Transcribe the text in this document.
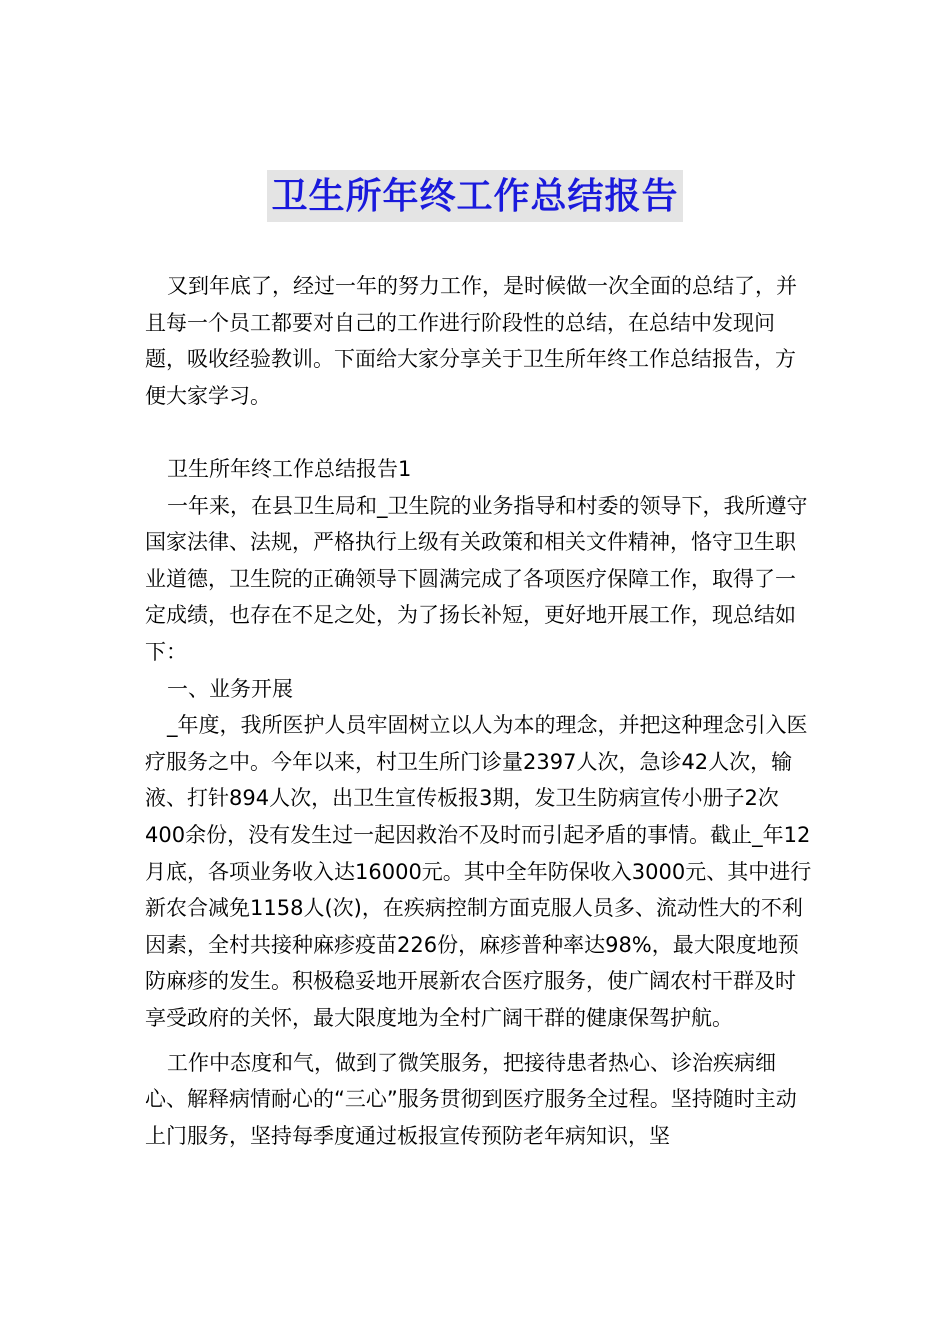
卫生所年终工作总结报告

又到年底了，经过一年的努力工作，是时候做一次全面的总结了，并且每一个员工都要对自己的工作进行阶段性的总结，在总结中发现问题，吸收经验教训。下面给大家分享关于卫生所年终工作总结报告，方便大家学习。

卫生所年终工作总结报告1

一年来，在县卫生局和_卫生院的业务指导和村委的领导下，我所遵守国家法律、法规，严格执行上级有关政策和相关文件精神，恪守卫生职业道德，卫生院的正确领导下圆满完成了各项医疗保障工作，取得了一定成绩，也存在不足之处，为了扬长补短，更好地开展工作，现总结如下：

一、业务开展

_年度，我所医护人员牢固树立以人为本的理念，并把这种理念引入医疗服务之中。今年以来，村卫生所门诊量2397人次，急诊42人次，输液、打针894人次，出卫生宣传板报3期，发卫生防病宣传小册子2次400余份，没有发生过一起因救治不及时而引起矛盾的事情。截止_年12月底，各项业务收入达16000元。其中全年防保收入3000元、其中进行新农合减免1158人(次)，在疾病控制方面克服人员多、流动性大的不利因素，全村共接种麻疹疫苗226份，麻疹普种率达98%，最大限度地预防麻疹的发生。积极稳妥地开展新农合医疗服务，使广阔农村干群及时享受政府的关怀，最大限度地为全村广阔干群的健康保驾护航。

工作中态度和气，做到了微笑服务，把接待患者热心、诊治疾病细心、解释病情耐心的“三心”服务贯彻到医疗服务全过程。坚持随时主动上门服务，坚持每季度通过板报宣传预防老年病知识，坚
